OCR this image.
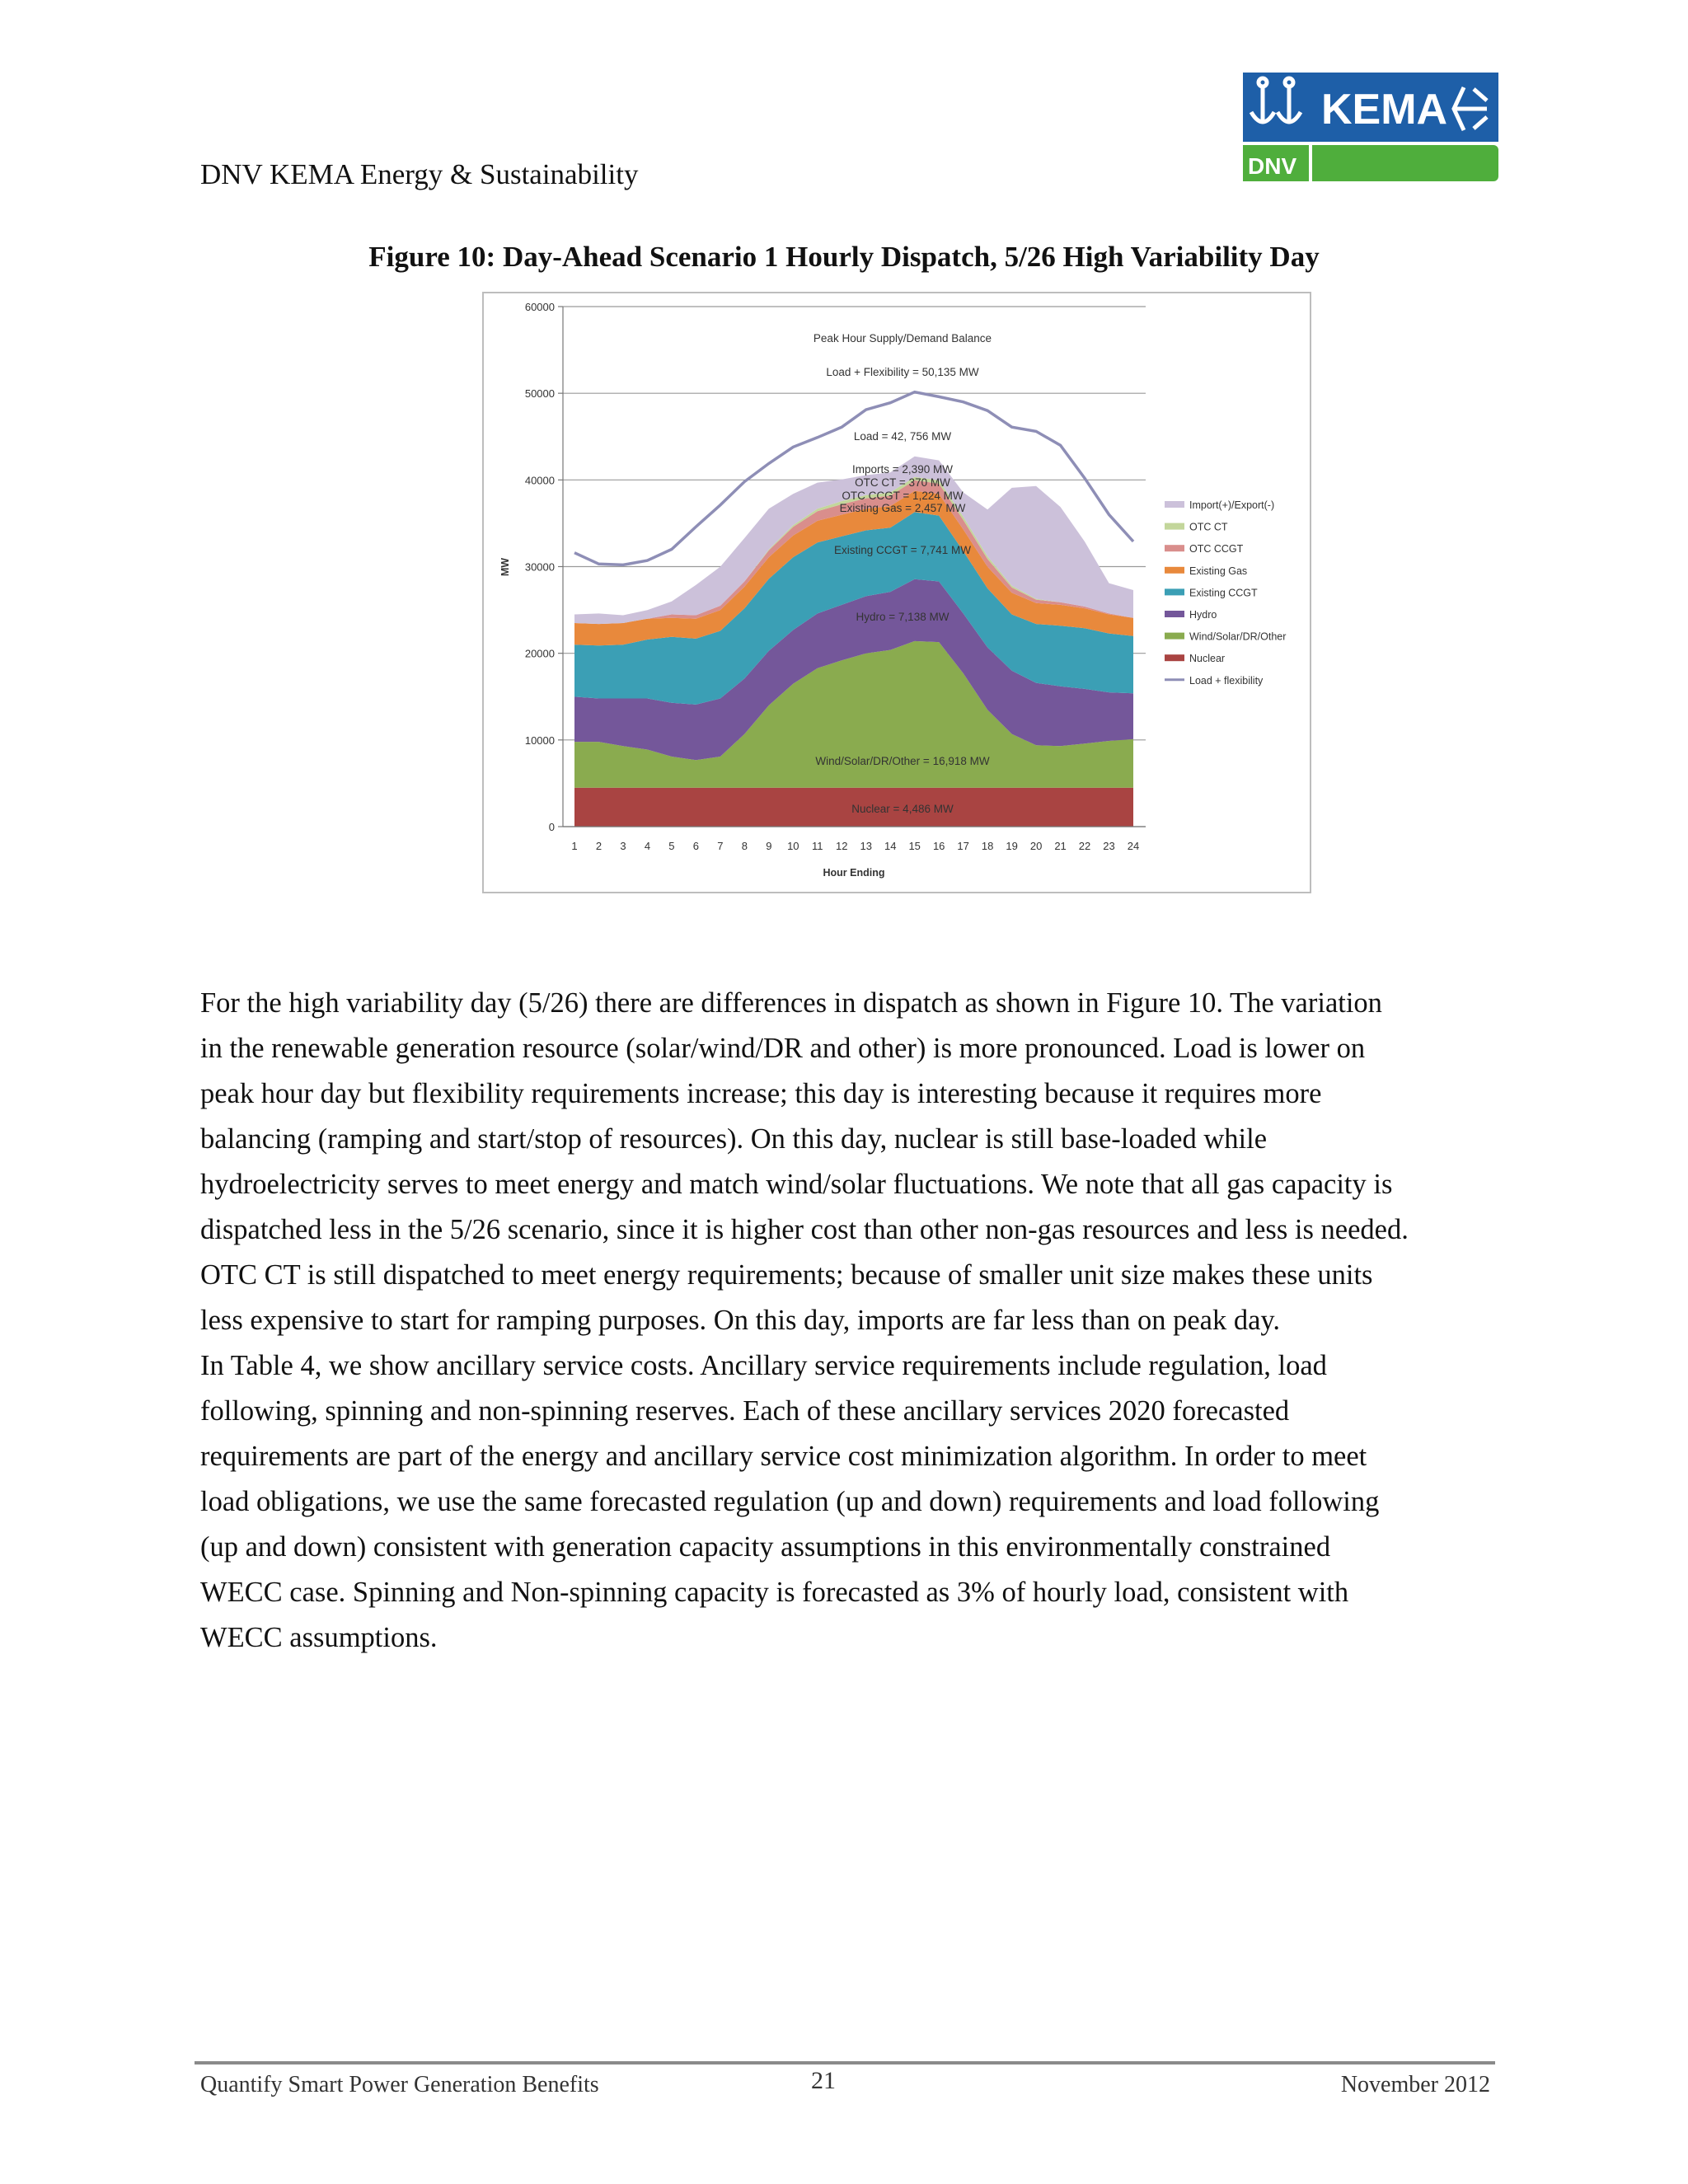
DNV KEMA Energy & Sustainability
KEMA
DNV
Figure 10: Day-Ahead Scenario 1 Hourly Dispatch, 5/26 High Variability Day
0
10000
20000
30000
40000
50000
60000
1 2 3 4 5 6 7 8 9 10 11 12 13 14 15 16 17 18 19 20 21 22 23 24
Hour Ending
MW
Peak Hour Supply/Demand Balance
Load + Flexibility = 50,135 MW
Load = 42, 756 MW
Imports = 2,390 MW
OTC CT = 370 MW
OTC CCGT = 1,224 MW
Existing Gas = 2,457 MW
Existing CCGT = 7,741 MW
Hydro = 7,138 MW
Wind/Solar/DR/Other = 16,918 MW
Nuclear = 4,486 MW
Import(+)/Export(-)
OTC CT
OTC CCGT
Existing Gas
Existing CCGT
Hydro
Wind/Solar/DR/Other
Nuclear
Load + flexibility

For the high variability day (5/26) there are differences in dispatch as shown in Figure 10. The variation

in the renewable generation resource (solar/wind/DR and other) is more pronounced. Load is lower on

peak hour day but flexibility requirements increase; this day is interesting because it requires more

balancing (ramping and start/stop of resources). On this day, nuclear is still base-loaded while

hydroelectricity serves to meet energy and match wind/solar fluctuations. We note that all gas capacity is

dispatched less in the 5/26 scenario, since it is higher cost than other non-gas resources and less is needed.

OTC CT is still dispatched to meet energy requirements; because of smaller unit size makes these units

less expensive to start for ramping purposes. On this day, imports are far less than on peak day.

In Table 4, we show ancillary service costs. Ancillary service requirements include regulation, load

following, spinning and non-spinning reserves. Each of these ancillary services 2020 forecasted

requirements are part of the energy and ancillary service cost minimization algorithm. In order to meet

load obligations, we use the same forecasted regulation (up and down) requirements and load following

(up and down) consistent with generation capacity assumptions in this environmentally constrained

WECC case. Spinning and Non-spinning capacity is forecasted as 3% of hourly load, consistent with

WECC assumptions.

Quantify Smart Power Generation Benefits	21	November 2012
